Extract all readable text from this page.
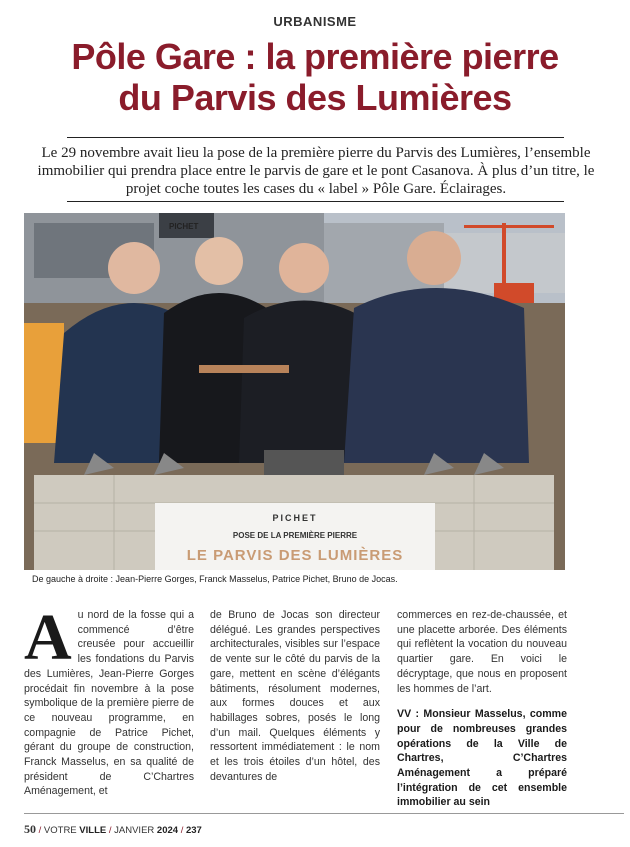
URBANISME
Pôle Gare : la première pierre
du Parvis des Lumières

Le 29 novembre avait lieu la pose de la première pierre du Parvis des Lumières, l’ensemble immobilier qui prendra place entre le parvis de gare et le pont Casanova. À plus d’un titre, le projet coche toutes les cases du « label » Pôle Gare. Éclairages.

PICHET
PICHET
POSE DE LA PREMIÈRE PIERRE
LE PARVIS DES LUMIÈRES
De gauche à droite : Jean-Pierre Gorges, Franck Masselus, Patrice Pichet, Bruno de Jocas.
Au nord de la fosse qui a commencé d’être creusée pour accueillir les fondations du Parvis des Lumières, Jean-Pierre Gorges procédait fin novembre à la pose symbolique de la première pierre de ce nouveau programme, en compagnie de Patrice Pichet, gérant du groupe de construction, Franck Masselus, en sa qualité de président de C’Chartres Aménagement, et
de Bruno de Jocas son directeur délégué. Les grandes perspectives architecturales, visibles sur l’espace de vente sur le côté du parvis de la gare, mettent en scène d’élégants bâtiments, résolument modernes, aux formes douces et aux habillages sobres, posés le long d’un mail. Quelques éléments y ressortent immédiatement : le nom et les trois étoiles d’un hôtel, des devantures de

commerces en rez-de-chaussée, et une placette arborée. Des éléments qui reflètent la vocation du nouveau quartier gare. En voici le décryptage, que nous en proposent les hommes de l’art.

VV : Monsieur Masselus, comme pour de nombreuses grandes opérations de la Ville de Chartres, C’Chartres Aménagement a préparé l’intégration de cet ensemble immobilier au sein

50 / VOTRE VILLE / JANVIER 2024 / 237
